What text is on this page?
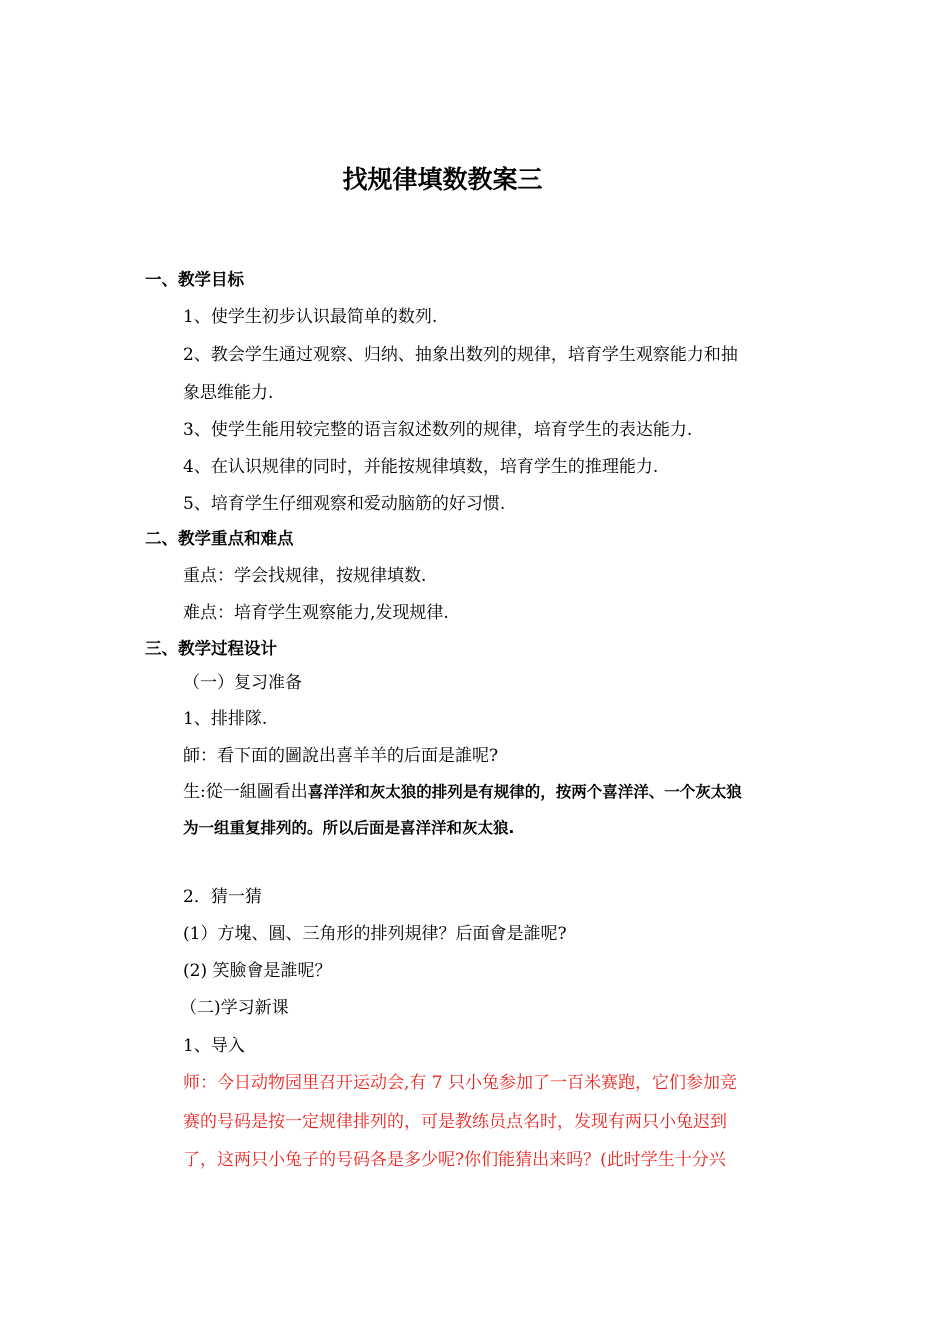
找规律填数教案三
一、教学目标
1、使学生初步认识最简单的数列.
2、教会学生通过观察、归纳、抽象出数列的规律，培育学生观察能力和抽
象思维能力.
3、使学生能用较完整的语言叙述数列的规律，培育学生的表达能力.
4、在认识规律的同时，并能按规律填数，培育学生的推理能力.
5、培育学生仔细观察和爱动脑筋的好习惯.
二、教学重点和难点
重点：学会找规律，按规律填数.
难点：培育学生观察能力,发现规律.
三、教学过程设计
（一）复习准备
1、排排隊.
師：看下面的圖說出喜羊羊的后面是誰呢?
生:從一組圖看出喜洋洋和灰太狼的排列是有规律的，按两个喜洋洋、一个灰太狼
为一组重复排列的。所以后面是喜洋洋和灰太狼.
2．猜一猜
(1）方塊、圓、三角形的排列規律？后面會是誰呢?
(2) 笑臉會是誰呢？
（二)学习新课
1、导入
师：今日动物园里召开运动会,有 7 只小兔参加了一百米赛跑，它们参加竞
赛的号码是按一定规律排列的，可是教练员点名时，发现有两只小兔迟到
了，这两只小兔子的号码各是多少呢?你们能猜出来吗？(此时学生十分兴
